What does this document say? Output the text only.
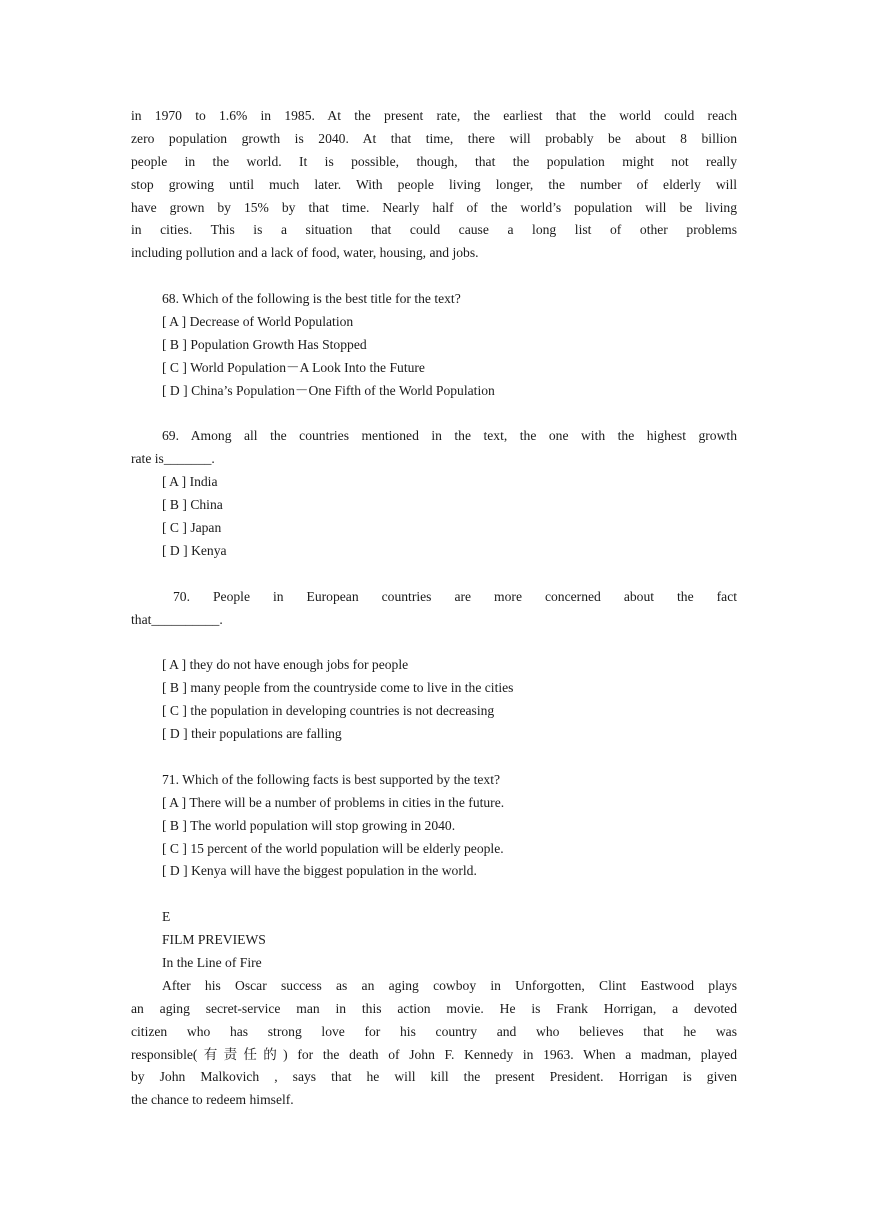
in 1970 to 1.6% in 1985. At the present rate, the earliest that the world could reach
zero population growth is 2040. At that time, there will probably be about 8 billion
people in the world. It is possible, though, that the population might not really
stop growing until much later. With people living longer, the number of elderly will
have grown by 15% by that time. Nearly half of the world’s population will be living
in cities. This is a situation that could cause a long list of other problems
including pollution and a lack of food, water, housing, and jobs.
68. Which of the following is the best title for the text?
[ A ] Decrease of World Population
[ B ] Population Growth Has Stopped
[ C ] World Population－A Look Into the Future
[ D ] China’s Population－One Fifth of the World Population
69. Among all the countries mentioned in the text, the one with the highest growth
rate is_______.
[ A ] India
[ B ] China
[ C ] Japan
[ D ] Kenya
70. People in European countries are more concerned about the fact
that__________.
[ A ] they do not have enough jobs for people
[ B ] many people from the countryside come to live in the cities
[ C ] the population in developing countries is not decreasing
[ D ] their populations are falling
71. Which of the following facts is best supported by the text?
[ A ] There will be a number of problems in cities in the future.
[ B ] The world population will stop growing in 2040.
[ C ] 15 percent of the world population will be elderly people.
[ D ] Kenya will have the biggest population in the world.
E
FILM PREVIEWS
In the Line of Fire
After his Oscar success as an aging cowboy in Unforgotten, Clint Eastwood plays
an aging secret-service man in this action movie. He is Frank Horrigan, a devoted
citizen who has strong love for his country and who believes that he was
responsible(有责任的) for the death of John F. Kennedy in 1963. When a madman, played
by John Malkovich , says that he will kill the present President. Horrigan is given
the chance to redeem himself.
